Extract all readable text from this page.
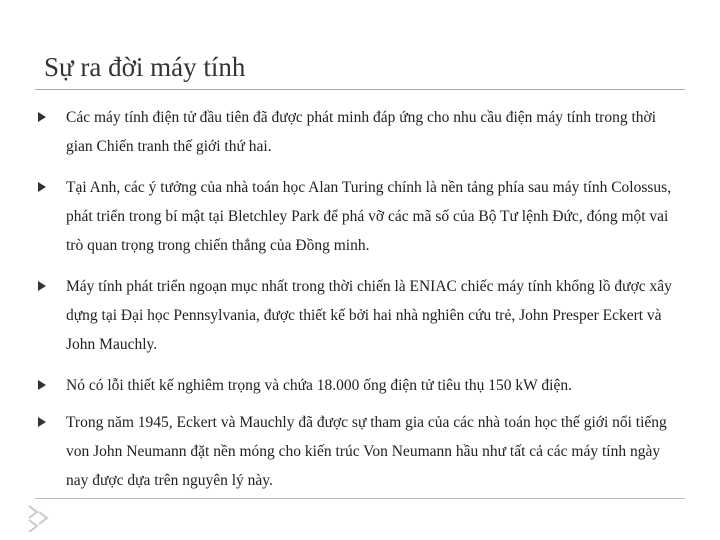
Sự ra đời máy tính
Các máy tính điện tử đầu tiên đã được phát minh đáp ứng cho nhu cầu điện máy tính trong thời gian Chiến tranh thế giới thứ hai.
Tại Anh, các ý tưởng của nhà toán học Alan Turing chính là nền tảng phía sau máy tính Colossus, phát triển trong bí mật tại Bletchley Park để phá vỡ các mã số của Bộ Tư lệnh Đức, đóng một vai trò quan trọng trong chiến thắng của Đồng minh.
Máy tính phát triển ngoạn mục nhất trong thời chiến là ENIAC chiếc máy tính khổng lồ được xây dựng tại Đại học Pennsylvania, được thiết kế bởi hai nhà nghiên cứu trẻ, John Presper Eckert và John Mauchly.
Nó có lỗi thiết kế nghiêm trọng và chứa 18.000 ống điện tử tiêu thụ 150 kW điện.
Trong năm 1945, Eckert và Mauchly đã được sự tham gia của các nhà toán học thế giới nổi tiếng von John Neumann đặt nền móng cho kiến trúc Von Neumann hầu như tất cả các máy tính ngày nay được dựa trên nguyên lý này.
